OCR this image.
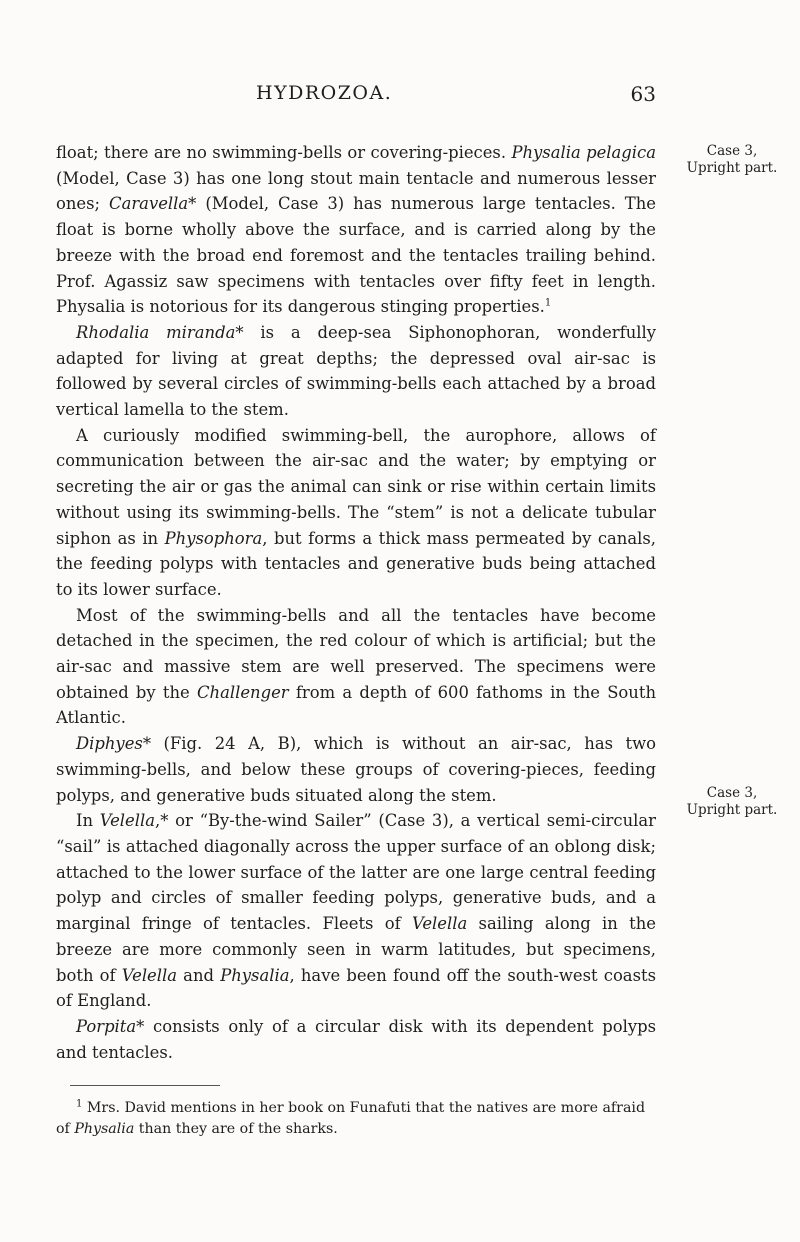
HYDROZOA.	63

float; there are no swimming-bells or covering-pieces. Physalia pelagica (Model, Case 3) has one long stout main tentacle and numerous lesser ones; Caravella* (Model, Case 3) has numerous large tentacles. The float is borne wholly above the surface, and is carried along by the breeze with the broad end foremost and the tentacles trailing behind. Prof. Agassiz saw specimens with tentacles over fifty feet in length. Physalia is notorious for its dangerous stinging properties.$^1$

Rhodalia miranda* is a deep-sea Siphonophoran, wonderfully adapted for living at great depths; the depressed oval air-sac is followed by several circles of swimming-bells each attached by a broad vertical lamella to the stem.

A curiously modified swimming-bell, the aurophore, allows of communication between the air-sac and the water; by emptying or secreting the air or gas the animal can sink or rise within certain limits without using its swimming-bells. The “stem” is not a delicate tubular siphon as in Physophora, but forms a thick mass permeated by canals, the feeding polyps with tentacles and generative buds being attached to its lower surface.

Most of the swimming-bells and all the tentacles have become detached in the specimen, the red colour of which is artificial; but the air-sac and massive stem are well preserved. The specimens were obtained by the Challenger from a depth of 600 fathoms in the South Atlantic.

Diphyes* (Fig. 24 A, B), which is without an air-sac, has two swimming-bells, and below these groups of covering-pieces, feeding polyps, and generative buds situated along the stem.

In Velella,* or “By-the-wind Sailer” (Case 3), a vertical semi-circular “sail” is attached diagonally across the upper surface of an oblong disk; attached to the lower surface of the latter are one large central feeding polyp and circles of smaller feeding polyps, generative buds, and a marginal fringe of tentacles. Fleets of Velella sailing along in the breeze are more commonly seen in warm latitudes, but specimens, both of Velella and Physalia, have been found off the south-west coasts of England.

Porpita* consists only of a circular disk with its dependent polyps and tentacles.

Case 3,
Upright part.
Case 3,
Upright part.
$^1$ Mrs. David mentions in her book on Funafuti that the natives are more afraid of Physalia than they are of the sharks.
